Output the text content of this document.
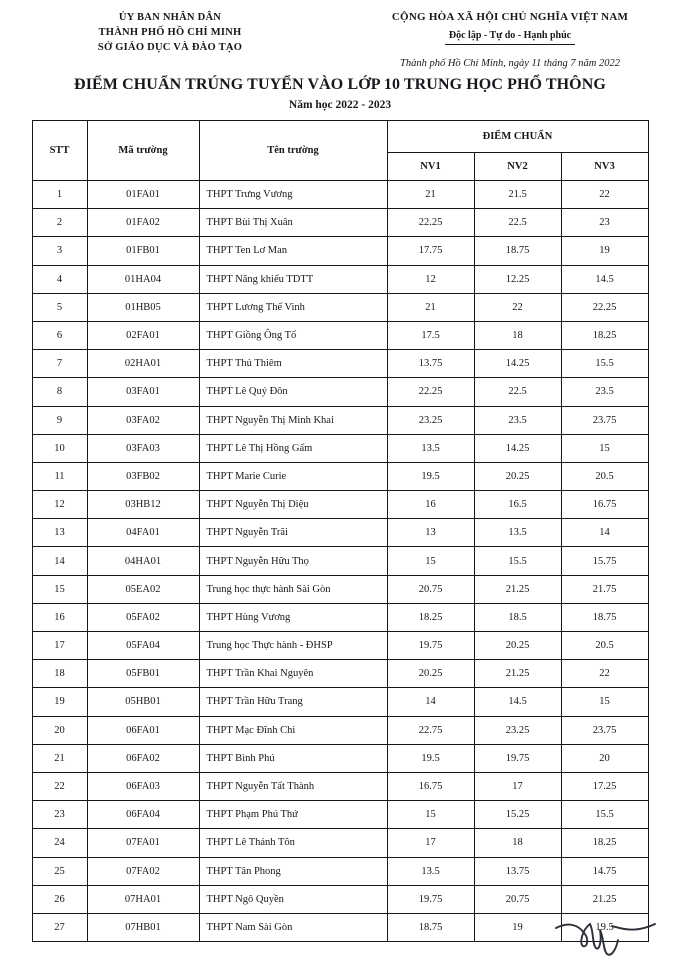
ỦY BAN NHÂN DÂN
THÀNH PHỐ HỒ CHÍ MINH
SỞ GIÁO DỤC VÀ ĐÀO TẠO
CỘNG HÒA XÃ HỘI CHỦ NGHĨA VIỆT NAM
Độc lập - Tự do - Hạnh phúc
Thành phố Hồ Chí Minh, ngày 11 tháng 7 năm 2022
ĐIỂM CHUẨN TRÚNG TUYỂN VÀO LỚP 10 TRUNG HỌC PHỔ THÔNG
Năm học 2022 - 2023
STT	Mã trường	Tên trường	ĐIỂM CHUẨN		
			NV1	NV2	NV3
1	01FA01	THPT Trưng Vương	21	21.5	22
2	01FA02	THPT Bùi Thị Xuân	22.25	22.5	23
3	01FB01	THPT Ten Lơ Man	17.75	18.75	19
4	01HA04	THPT Năng khiếu TDTT	12	12.25	14.5
5	01HB05	THPT Lương Thế Vinh	21	22	22.25
6	02FA01	THPT Giồng Ông Tố	17.5	18	18.25
7	02HA01	THPT Thủ Thiêm	13.75	14.25	15.5
8	03FA01	THPT Lê Quý Đôn	22.25	22.5	23.5
9	03FA02	THPT Nguyễn Thị Minh Khai	23.25	23.5	23.75
10	03FA03	THPT Lê Thị Hồng Gấm	13.5	14.25	15
11	03FB02	THPT Marie Curie	19.5	20.25	20.5
12	03HB12	THPT Nguyễn Thị Diệu	16	16.5	16.75
13	04FA01	THPT Nguyễn Trãi	13	13.5	14
14	04HA01	THPT Nguyễn Hữu Thọ	15	15.5	15.75
15	05EA02	Trung học thực hành Sài Gòn	20.75	21.25	21.75
16	05FA02	THPT Hùng Vương	18.25	18.5	18.75
17	05FA04	Trung học Thực hành - ĐHSP	19.75	20.25	20.5
18	05FB01	THPT Trần Khai Nguyên	20.25	21.25	22
19	05HB01	THPT Trần Hữu Trang	14	14.5	15
20	06FA01	THPT Mạc Đĩnh Chi	22.75	23.25	23.75
21	06FA02	THPT Bình Phú	19.5	19.75	20
22	06FA03	THPT Nguyễn Tất Thành	16.75	17	17.25
23	06FA04	THPT Phạm Phú Thứ	15	15.25	15.5
24	07FA01	THPT Lê Thánh Tôn	17	18	18.25
25	07FA02	THPT Tân Phong	13.5	13.75	14.75
26	07HA01	THPT Ngô Quyền	19.75	20.75	21.25
27	07HB01	THPT Nam Sài Gòn	18.75	19	19.5
